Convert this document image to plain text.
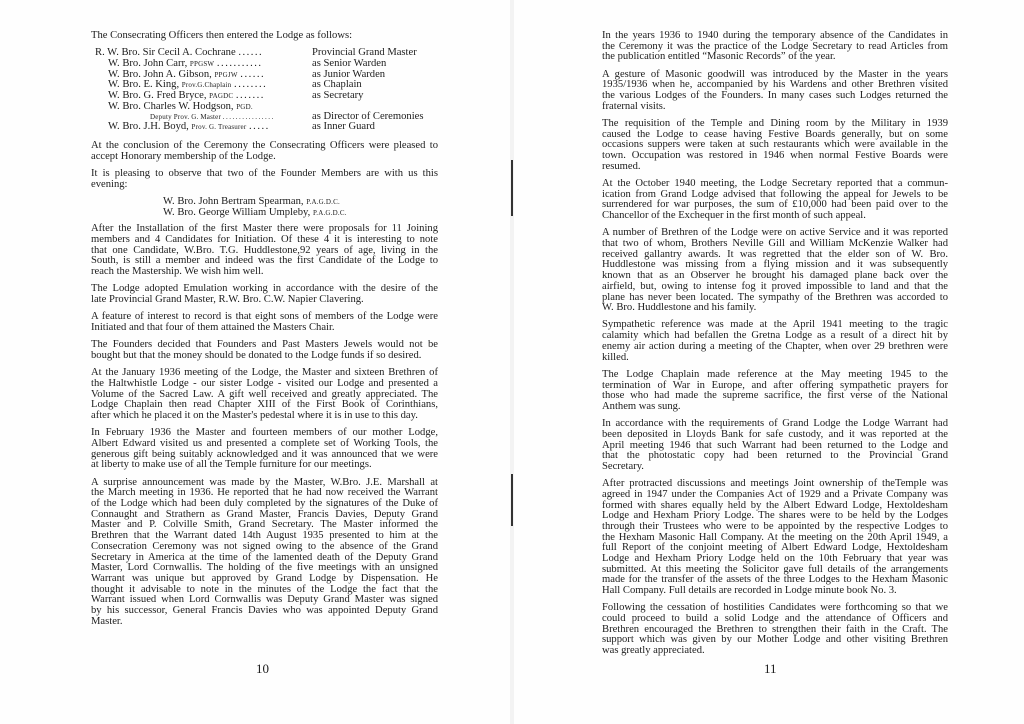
The Consecrating Officers then entered the Lodge as follows:
R. W. Bro. Sir Cecil A. Cochrane ......	Provincial Grand Master
W. Bro. John Carr, PPGSW ...........	as Senior Warden
W. Bro. John A. Gibson, PPGJW ......	as Junior Warden
W. Bro. E. King, Prov.G.Chaplain ........	as Chaplain
W. Bro. G. Fred Bryce, PAGDC .......	as Secretary
W. Bro. Charles W. Hodgson, PGD.
Deputy Prov. G. Master ................	as Director of Ceremonies
W. Bro. J.H. Boyd, Prov. G. Treasurer .....	as Inner Guard
At the conclusion of the Ceremony the Consecrating Officers were pleased to
accept Honorary membership of the Lodge.
It is pleasing to observe that two of the Founder Members are with us this
evening:
W. Bro. John Bertram Spearman, P.A.G.D.C.
W. Bro. George William Umpleby, P.A.G.D.C.
After the Installation of the first Master there were proposals for 11 Joining
members and 4 Candidates for Initiation. Of these 4 it is interesting to note
that one Candidate, W.Bro. T.G. Huddlestone,92 years of age, living in the
South, is still a member and indeed was the first Candidate of the Lodge to
reach the Mastership. We wish him well.
The Lodge adopted Emulation working in accordance with the desire of the
late Provincial Grand Master, R.W. Bro. C.W. Napier Clavering.
A feature of interest to record is that eight sons of members of the Lodge were
Initiated and that four of them attained the Masters Chair.
The Founders decided that Founders and Past Masters Jewels would not be
bought but that the money should be donated to the Lodge funds if so desired.
At the January 1936 meeting of the Lodge, the Master and sixteen Brethren of
the Haltwhistle Lodge - our sister Lodge - visited our Lodge and presented a
Volume of the Sacred Law. A gift well received and greatly appreciated. The
Lodge Chaplain then read Chapter XIII of the First Book of Corinthians,
after which he placed it on the Master's pedestal where it is in use to this day.
In February 1936 the Master and fourteen members of our mother Lodge,
Albert Edward visited us and presented a complete set of Working Tools, the
generous gift being suitably acknowledged and it was announced that we were
at liberty to make use of all the Temple furniture for our meetings.
A surprise announcement was made by the Master, W.Bro. J.E. Marshall at
the March meeting in 1936. He reported that he had now received the Warrant
of the Lodge which had been duly completed by the signatures of the Duke of
Connaught and Strathern as Grand Master, Francis Davies, Deputy Grand
Master and P. Colville Smith, Grand Secretary. The Master informed the
Brethren that the Warrant dated 14th August 1935 presented to him at the
Consecration Ceremony was not signed owing to the absence of the Grand
Secretary in America at the time of the lamented death of the Deputy Grand
Master, Lord Cornwallis. The holding of the five meetings with an unsigned
Warrant was unique but approved by Grand Lodge by Dispensation. He
thought it advisable to note in the minutes of the Lodge the fact that the
Warrant issued when Lord Cornwallis was Deputy Grand Master was signed
by his successor, General Francis Davies who was appointed Deputy Grand
Master.
10
In the years 1936 to 1940 during the temporary absence of the Candidates in
the Ceremony it was the practice of the Lodge Secretary to read Articles from
the publication entitled “Masonic Records” of the year.
A gesture of Masonic goodwill was introduced by the Master in the years
1935/1936 when he, accompanied by his Wardens and other Brethren visited
the various Lodges of the Founders. In many cases such Lodges returned the
fraternal visits.
The requisition of the Temple and Dining room by the Military in 1939
caused the Lodge to cease having Festive Boards generally, but on some
occasions suppers were taken at such restaurants which were available in the
town. Occupation was restored in 1946 when normal Festive Boards were
resumed.
At the October 1940 meeting, the Lodge Secretary reported that a commun-
ication from Grand Lodge advised that following the appeal for Jewels to be
surrendered for war purposes, the sum of £10,000 had been paid over to the
Chancellor of the Exchequer in the first month of such appeal.
A number of Brethren of the Lodge were on active Service and it was reported
that two of whom, Brothers Neville Gill and William McKenzie Walker had
received gallantry awards. It was regretted that the elder son of W. Bro.
Huddlestone was missing from a flying mission and it was subsequently
known that as an Observer he brought his damaged plane back over the
airfield, but, owing to intense fog it proved impossible to land and that the
plane has never been located. The sympathy of the Brethren was accorded to
W. Bro. Huddlestone and his family.
Sympathetic reference was made at the April 1941 meeting to the tragic
calamity which had befallen the Gretna Lodge as a result of a direct hit by
enemy air action during a meeting of the Chapter, when over 29 brethren were
killed.
The Lodge Chaplain made reference at the May meeting 1945 to the
termination of War in Europe, and after offering sympathetic prayers for
those who had made the supreme sacrifice, the first verse of the National
Anthem was sung.
In accordance with the requirements of Grand Lodge the Lodge Warrant had
been deposited in Lloyds Bank for safe custody, and it was reported at the
April meeting 1946 that such Warrant had been returned to the Lodge and
that the photostatic copy had been returned to the Provincial Grand
Secretary.
After protracted discussions and meetings Joint ownership of theTemple was
agreed in 1947 under the Companies Act of 1929 and a Private Company was
formed with shares equally held by the Albert Edward Lodge, Hextoldesham
Lodge and Hexham Priory Lodge. The shares were to be held by the Lodges
through their Trustees who were to be appointed by the respective Lodges to
the Hexham Masonic Hall Company. At the meeting on the 20th April 1949, a
full Report of the conjoint meeting of Albert Edward Lodge, Hextoldesham
Lodge and Hexham Priory Lodge held on the 10th February that year was
submitted. At this meeting the Solicitor gave full details of the arrangements
made for the transfer of the assets of the three Lodges to the Hexham Masonic
Hall Company. Full details are recorded in Lodge minute book No. 3.
Following the cessation of hostilities Candidates were forthcoming so that we
could proceed to build a solid Lodge and the attendance of Officers and
Brethren encouraged the Brethren to strengthen their faith in the Craft. The
support which was given by our Mother Lodge and other visiting Brethren
was greatly appreciated.
11
